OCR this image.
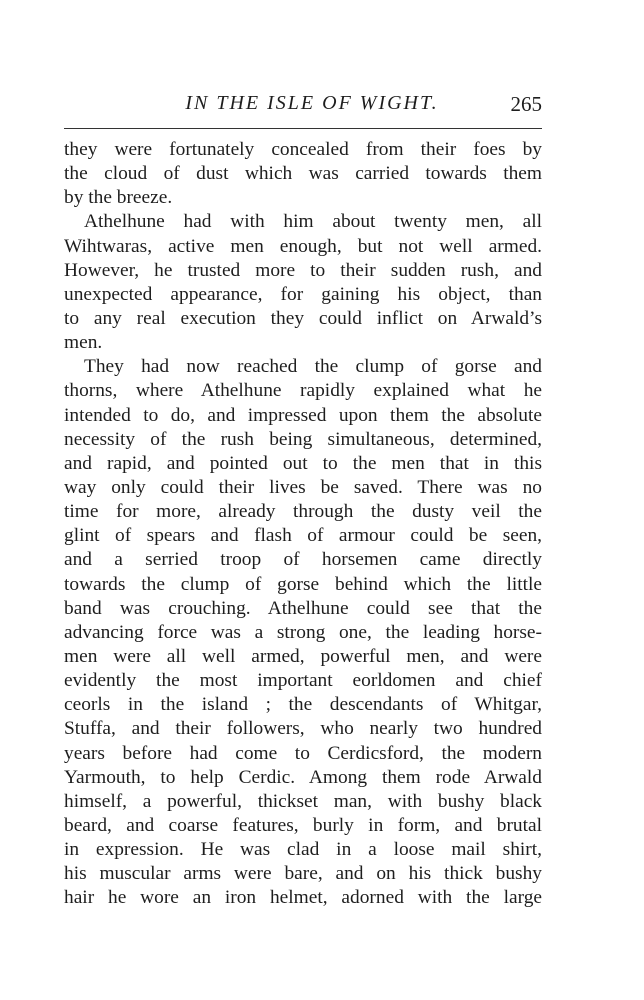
IN THE ISLE OF WIGHT.	265
they were fortunately concealed from their foes by
the cloud of dust which was carried towards them
by the breeze.
Athelhune had with him about twenty men, all
Wihtwaras, active men enough, but not well armed.
However, he trusted more to their sudden rush, and
unexpected appearance, for gaining his object, than
to any real execution they could inflict on Arwald’s
men.
They had now reached the clump of gorse and
thorns, where Athelhune rapidly explained what he
intended to do, and impressed upon them the absolute
necessity of the rush being simultaneous, determined,
and rapid, and pointed out to the men that in this
way only could their lives be saved. There was no
time for more, already through the dusty veil the
glint of spears and flash of armour could be seen,
and a serried troop of horsemen came directly
towards the clump of gorse behind which the little
band was crouching. Athelhune could see that the
advancing force was a strong one, the leading horse-
men were all well armed, powerful men, and were
evidently the most important eorldomen and chief
ceorls in the island ; the descendants of Whitgar,
Stuffa, and their followers, who nearly two hundred
years before had come to Cerdicsford, the modern
Yarmouth, to help Cerdic. Among them rode Arwald
himself, a powerful, thickset man, with bushy black
beard, and coarse features, burly in form, and brutal
in expression. He was clad in a loose mail shirt,
his muscular arms were bare, and on his thick bushy
hair he wore an iron helmet, adorned with the large
